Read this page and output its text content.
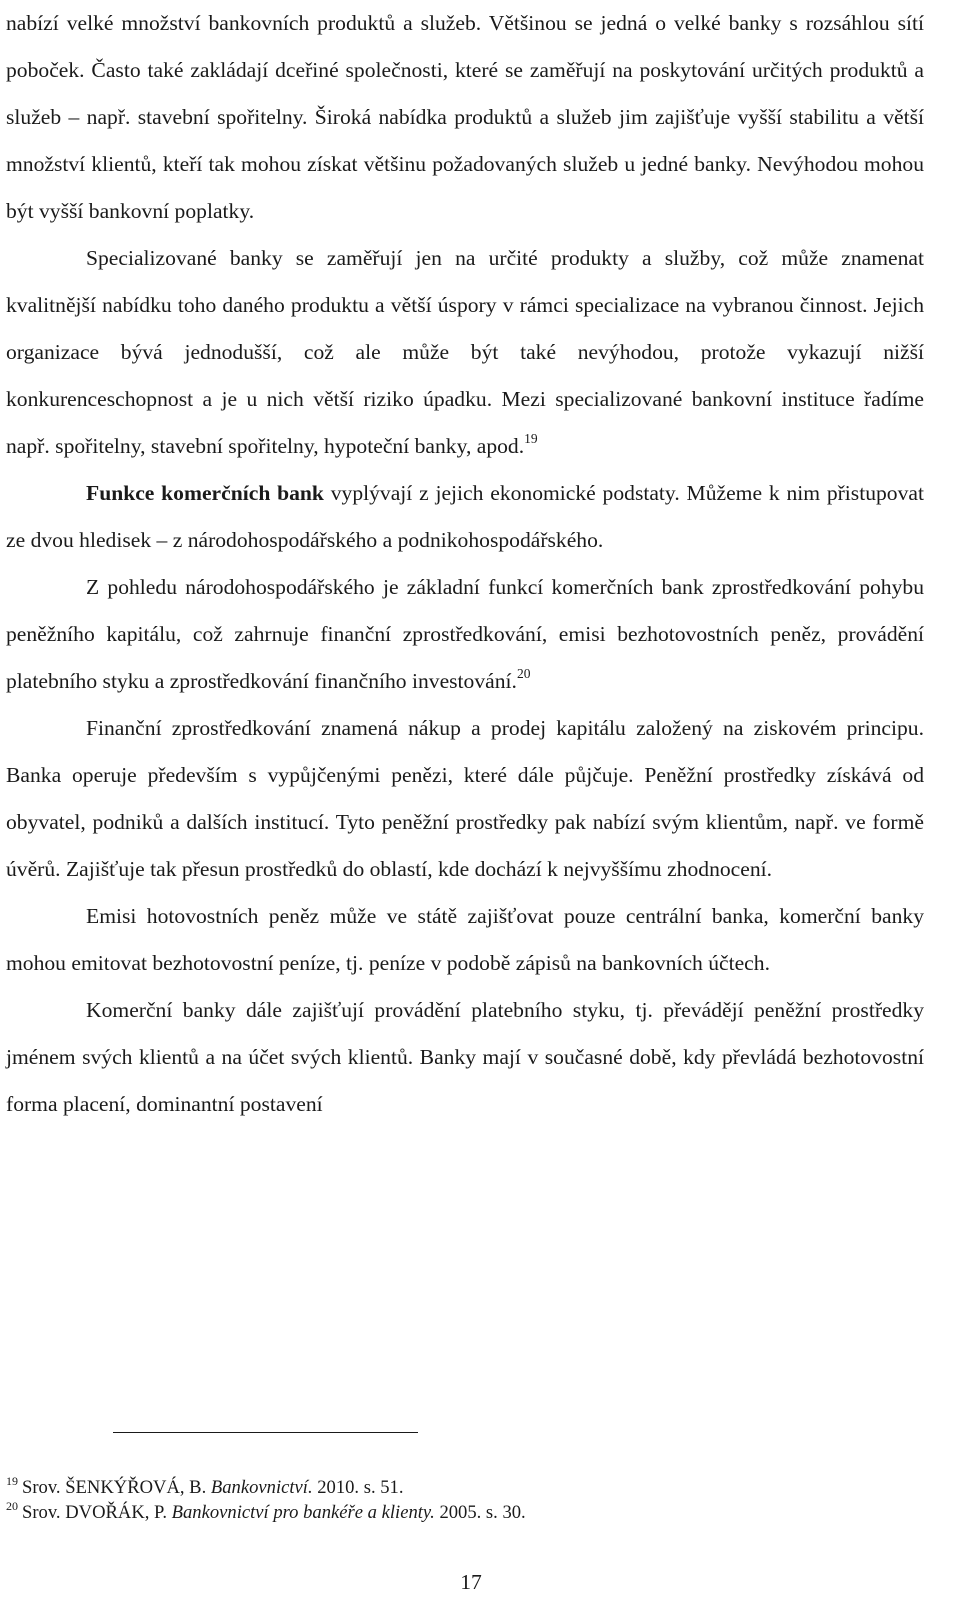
nabízí velké množství bankovních produktů a služeb. Většinou se jedná o velké banky s rozsáhlou sítí poboček. Často také zakládají dceřiné společnosti, které se zaměřují na poskytování určitých produktů a služeb – např. stavební spořitelny. Široká nabídka produktů a služeb jim zajišťuje vyšší stabilitu a větší množství klientů, kteří tak mohou získat většinu požadovaných služeb u jedné banky. Nevýhodou mohou být vyšší bankovní poplatky.

Specializované banky se zaměřují jen na určité produkty a služby, což může znamenat kvalitnější nabídku toho daného produktu a větší úspory v rámci specializace na vybranou činnost. Jejich organizace bývá jednodušší, což ale může být také nevýhodou, protože vykazují nižší konkurenceschopnost a je u nich větší riziko úpadku. Mezi specializované bankovní instituce řadíme např. spořitelny, stavební spořitelny, hypoteční banky, apod.$^{19}$

Funkce komerčních bank vyplývají z jejich ekonomické podstaty. Můžeme k nim přistupovat ze dvou hledisek – z národohospodářského a podnikohospodářského.

Z pohledu národohospodářského je základní funkcí komerčních bank zprostředkování pohybu peněžního kapitálu, což zahrnuje finanční zprostředkování, emisi bezhotovostních peněz, provádění platebního styku a zprostředkování finančního investování.$^{20}$

Finanční zprostředkování znamená nákup a prodej kapitálu založený na ziskovém principu. Banka operuje především s vypůjčenými penězi, které dále půjčuje. Peněžní prostředky získává od obyvatel, podniků a dalších institucí. Tyto peněžní prostředky pak nabízí svým klientům, např. ve formě úvěrů. Zajišťuje tak přesun prostředků do oblastí, kde dochází k nejvyššímu zhodnocení.

Emisi hotovostních peněz může ve státě zajišťovat pouze centrální banka, komerční banky mohou emitovat bezhotovostní peníze, tj. peníze v podobě zápisů na bankovních účtech.

Komerční banky dále zajišťují provádění platebního styku, tj. převádějí peněžní prostředky jménem svých klientů a na účet svých klientů. Banky mají v současné době, kdy převládá bezhotovostní forma placení, dominantní postavení

$^{19}$ Srov. ŠENKÝŘOVÁ, B. Bankovnictví. 2010. s. 51.

$^{20}$ Srov. DVOŘÁK, P. Bankovnictví pro bankéře a klienty. 2005. s. 30.

17
